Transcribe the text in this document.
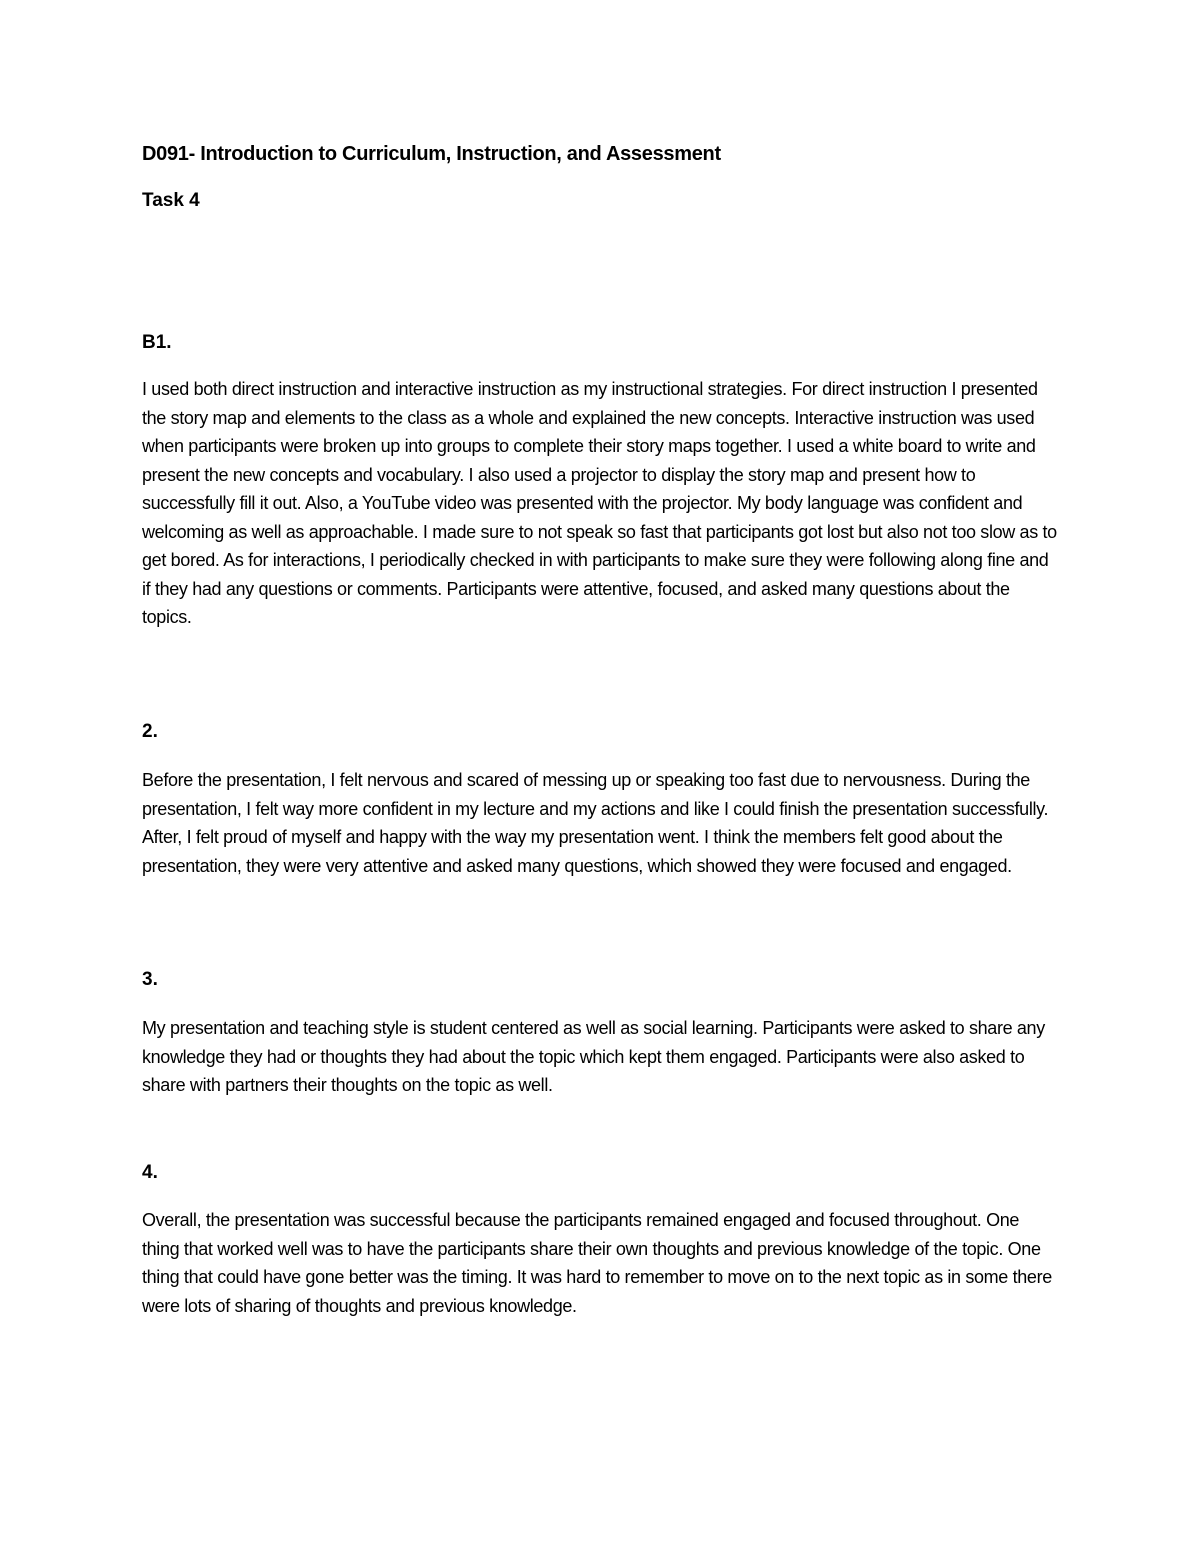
D091- Introduction to Curriculum, Instruction, and Assessment
Task 4
B1.
I used both direct instruction and interactive instruction as my instructional strategies. For direct instruction I presented the story map and elements to the class as a whole and explained the new concepts. Interactive instruction was used when participants were broken up into groups to complete their story maps together. I used a white board to write and present the new concepts and vocabulary. I also used a projector to display the story map and present how to successfully fill it out. Also, a YouTube video was presented with the projector. My body language was confident and welcoming as well as approachable. I made sure to not speak so fast that participants got lost but also not too slow as to get bored. As for interactions, I periodically checked in with participants to make sure they were following along fine and if they had any questions or comments. Participants were attentive, focused, and asked many questions about the topics.
2.
Before the presentation, I felt nervous and scared of messing up or speaking too fast due to nervousness. During the presentation, I felt way more confident in my lecture and my actions and like I could finish the presentation successfully. After, I felt proud of myself and happy with the way my presentation went. I think the members felt good about the presentation, they were very attentive and asked many questions, which showed they were focused and engaged.
3.
My presentation and teaching style is student centered as well as social learning. Participants were asked to share any knowledge they had or thoughts they had about the topic which kept them engaged. Participants were also asked to share with partners their thoughts on the topic as well.
4.
Overall, the presentation was successful because the participants remained engaged and focused throughout. One thing that worked well was to have the participants share their own thoughts and previous knowledge of the topic. One thing that could have gone better was the timing. It was hard to remember to move on to the next topic as in some there were lots of sharing of thoughts and previous knowledge.
